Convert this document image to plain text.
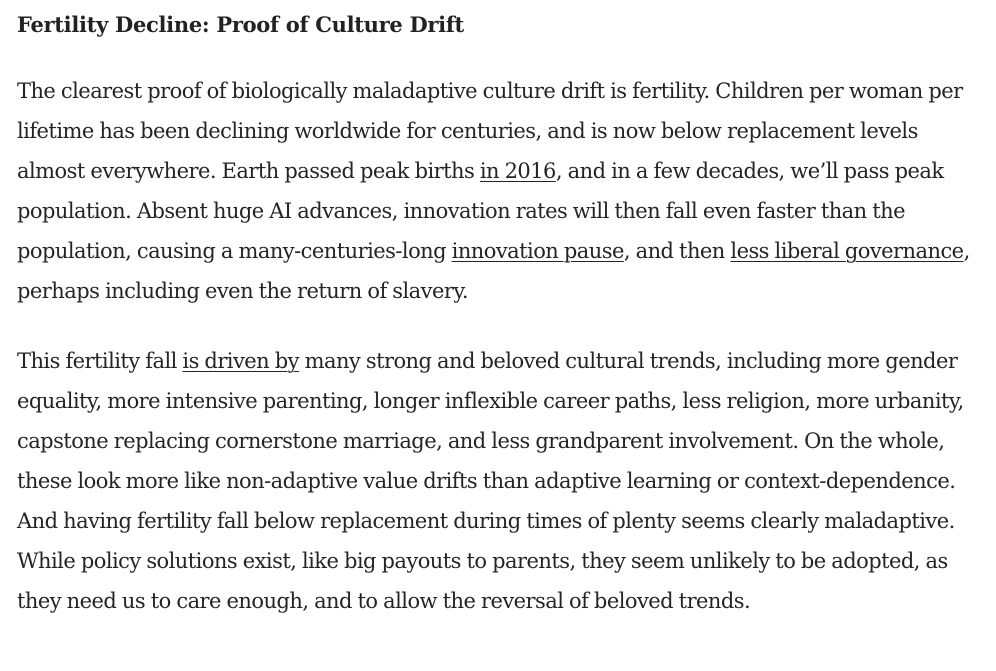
Fertility Decline: Proof of Culture Drift

The clearest proof of biologically maladaptive culture drift is fertility. Children per woman per lifetime has been declining worldwide for centuries, and is now below replacement levels almost everywhere. Earth passed peak births in 2016, and in a few decades, we’ll pass peak population. Absent huge AI advances, innovation rates will then fall even faster than the population, causing a many-centuries-long innovation pause, and then less liberal governance, perhaps including even the return of slavery.

This fertility fall is driven by many strong and beloved cultural trends, including more gender equality, more intensive parenting, longer inflexible career paths, less religion, more urbanity, capstone replacing cornerstone marriage, and less grandparent involvement. On the whole, these look more like non-adaptive value drifts than adaptive learning or context-dependence. And having fertility fall below replacement during times of plenty seems clearly maladaptive. While policy solutions exist, like big payouts to parents, they seem unlikely to be adopted, as they need us to care enough, and to allow the reversal of beloved trends.
